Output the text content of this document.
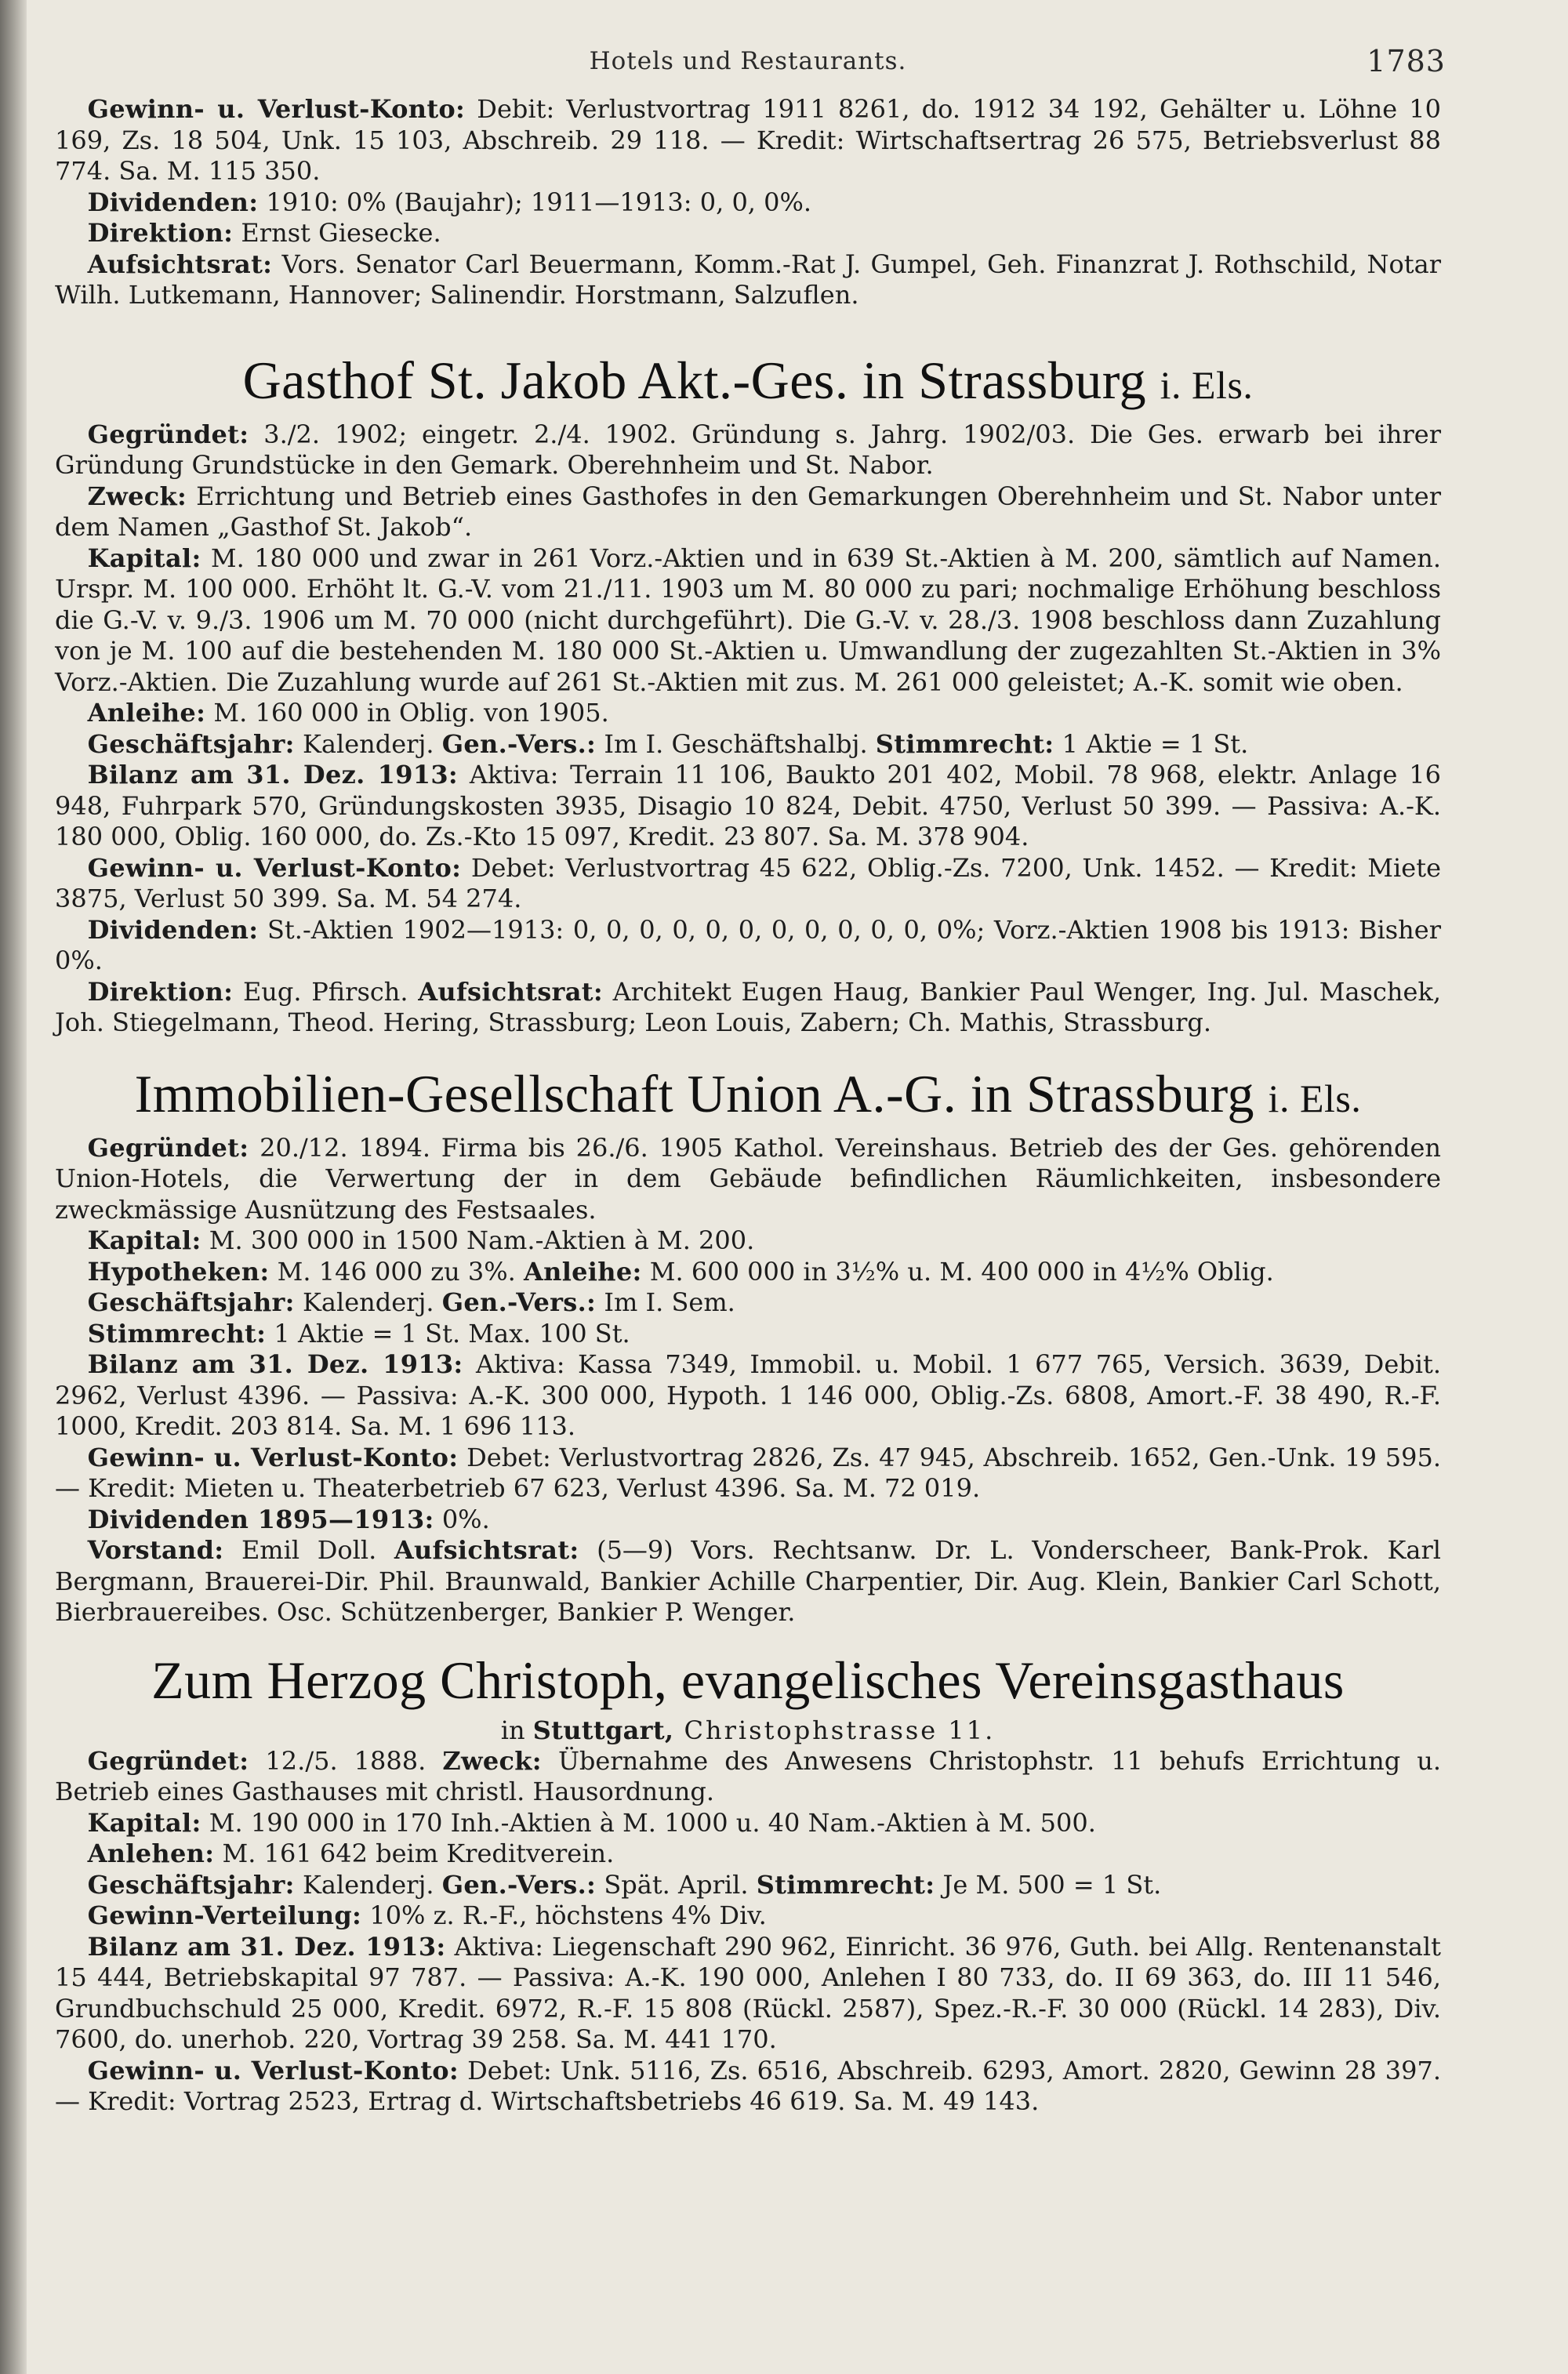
Hotels und Restaurants.	1783

Gewinn- u. Verlust-Konto: Debit: Verlustvortrag 1911 8261, do. 1912 34 192, Gehälter u. Löhne 10 169, Zs. 18 504, Unk. 15 103, Abschreib. 29 118. — Kredit: Wirtschaftsertrag 26 575, Betriebsverlust 88 774. Sa. M. 115 350.

Dividenden: 1910: 0% (Baujahr); 1911—1913: 0, 0, 0%.

Direktion: Ernst Giesecke.

Aufsichtsrat: Vors. Senator Carl Beuermann, Komm.-Rat J. Gumpel, Geh. Finanzrat J. Rothschild, Notar Wilh. Lutkemann, Hannover; Salinendir. Horstmann, Salzuflen.

Gasthof St. Jakob Akt.-Ges. in Strassburg i. Els.

Gegründet: 3./2. 1902; eingetr. 2./4. 1902. Gründung s. Jahrg. 1902/03. Die Ges. erwarb bei ihrer Gründung Grundstücke in den Gemark. Oberehnheim und St. Nabor.

Zweck: Errichtung und Betrieb eines Gasthofes in den Gemarkungen Oberehnheim und St. Nabor unter dem Namen „Gasthof St. Jakob“.

Kapital: M. 180 000 und zwar in 261 Vorz.-Aktien und in 639 St.-Aktien à M. 200, sämtlich auf Namen. Urspr. M. 100 000. Erhöht lt. G.-V. vom 21./11. 1903 um M. 80 000 zu pari; nochmalige Erhöhung beschloss die G.-V. v. 9./3. 1906 um M. 70 000 (nicht durchgeführt). Die G.-V. v. 28./3. 1908 beschloss dann Zuzahlung von je M. 100 auf die bestehenden M. 180 000 St.-Aktien u. Umwandlung der zugezahlten St.-Aktien in 3% Vorz.-Aktien. Die Zuzahlung wurde auf 261 St.-Aktien mit zus. M. 261 000 geleistet; A.-K. somit wie oben.

Anleihe: M. 160 000 in Oblig. von 1905.

Geschäftsjahr: Kalenderj. Gen.-Vers.: Im I. Geschäftshalbj. Stimmrecht: 1 Aktie = 1 St.

Bilanz am 31. Dez. 1913: Aktiva: Terrain 11 106, Baukto 201 402, Mobil. 78 968, elektr. Anlage 16 948, Fuhrpark 570, Gründungskosten 3935, Disagio 10 824, Debit. 4750, Verlust 50 399. — Passiva: A.-K. 180 000, Oblig. 160 000, do. Zs.-Kto 15 097, Kredit. 23 807. Sa. M. 378 904.

Gewinn- u. Verlust-Konto: Debet: Verlustvortrag 45 622, Oblig.-Zs. 7200, Unk. 1452. — Kredit: Miete 3875, Verlust 50 399. Sa. M. 54 274.

Dividenden: St.-Aktien 1902—1913: 0, 0, 0, 0, 0, 0, 0, 0, 0, 0, 0, 0%; Vorz.-Aktien 1908 bis 1913: Bisher 0%.

Direktion: Eug. Pfirsch. Aufsichtsrat: Architekt Eugen Haug, Bankier Paul Wenger, Ing. Jul. Maschek, Joh. Stiegelmann, Theod. Hering, Strassburg; Leon Louis, Zabern; Ch. Mathis, Strassburg.

Immobilien-Gesellschaft Union A.-G. in Strassburg i. Els.

Gegründet: 20./12. 1894. Firma bis 26./6. 1905 Kathol. Vereinshaus. Betrieb des der Ges. gehörenden Union-Hotels, die Verwertung der in dem Gebäude befindlichen Räumlichkeiten, insbesondere zweckmässige Ausnützung des Festsaales.

Kapital: M. 300 000 in 1500 Nam.-Aktien à M. 200.

Hypotheken: M. 146 000 zu 3%. Anleihe: M. 600 000 in 3½% u. M. 400 000 in 4½% Oblig.

Geschäftsjahr: Kalenderj. Gen.-Vers.: Im I. Sem.

Stimmrecht: 1 Aktie = 1 St. Max. 100 St.

Bilanz am 31. Dez. 1913: Aktiva: Kassa 7349, Immobil. u. Mobil. 1 677 765, Versich. 3639, Debit. 2962, Verlust 4396. — Passiva: A.-K. 300 000, Hypoth. 1 146 000, Oblig.-Zs. 6808, Amort.-F. 38 490, R.-F. 1000, Kredit. 203 814. Sa. M. 1 696 113.

Gewinn- u. Verlust-Konto: Debet: Verlustvortrag 2826, Zs. 47 945, Abschreib. 1652, Gen.-Unk. 19 595. — Kredit: Mieten u. Theaterbetrieb 67 623, Verlust 4396. Sa. M. 72 019.

Dividenden 1895—1913: 0%.

Vorstand: Emil Doll. Aufsichtsrat: (5—9) Vors. Rechtsanw. Dr. L. Vonderscheer, Bank-Prok. Karl Bergmann, Brauerei-Dir. Phil. Braunwald, Bankier Achille Charpentier, Dir. Aug. Klein, Bankier Carl Schott, Bierbrauereibes. Osc. Schützenberger, Bankier P. Wenger.

Zum Herzog Christoph, evangelisches Vereinsgasthaus
in Stuttgart, Christophstrasse 11.

Gegründet: 12./5. 1888. Zweck: Übernahme des Anwesens Christophstr. 11 behufs Errichtung u. Betrieb eines Gasthauses mit christl. Hausordnung.

Kapital: M. 190 000 in 170 Inh.-Aktien à M. 1000 u. 40 Nam.-Aktien à M. 500.

Anlehen: M. 161 642 beim Kreditverein.

Geschäftsjahr: Kalenderj. Gen.-Vers.: Spät. April. Stimmrecht: Je M. 500 = 1 St.

Gewinn-Verteilung: 10% z. R.-F., höchstens 4% Div.

Bilanz am 31. Dez. 1913: Aktiva: Liegenschaft 290 962, Einricht. 36 976, Guth. bei Allg. Rentenanstalt 15 444, Betriebskapital 97 787. — Passiva: A.-K. 190 000, Anlehen I 80 733, do. II 69 363, do. III 11 546, Grundbuchschuld 25 000, Kredit. 6972, R.-F. 15 808 (Rückl. 2587), Spez.-R.-F. 30 000 (Rückl. 14 283), Div. 7600, do. unerhob. 220, Vortrag 39 258. Sa. M. 441 170.

Gewinn- u. Verlust-Konto: Debet: Unk. 5116, Zs. 6516, Abschreib. 6293, Amort. 2820, Gewinn 28 397. — Kredit: Vortrag 2523, Ertrag d. Wirtschaftsbetriebs 46 619. Sa. M. 49 143.
